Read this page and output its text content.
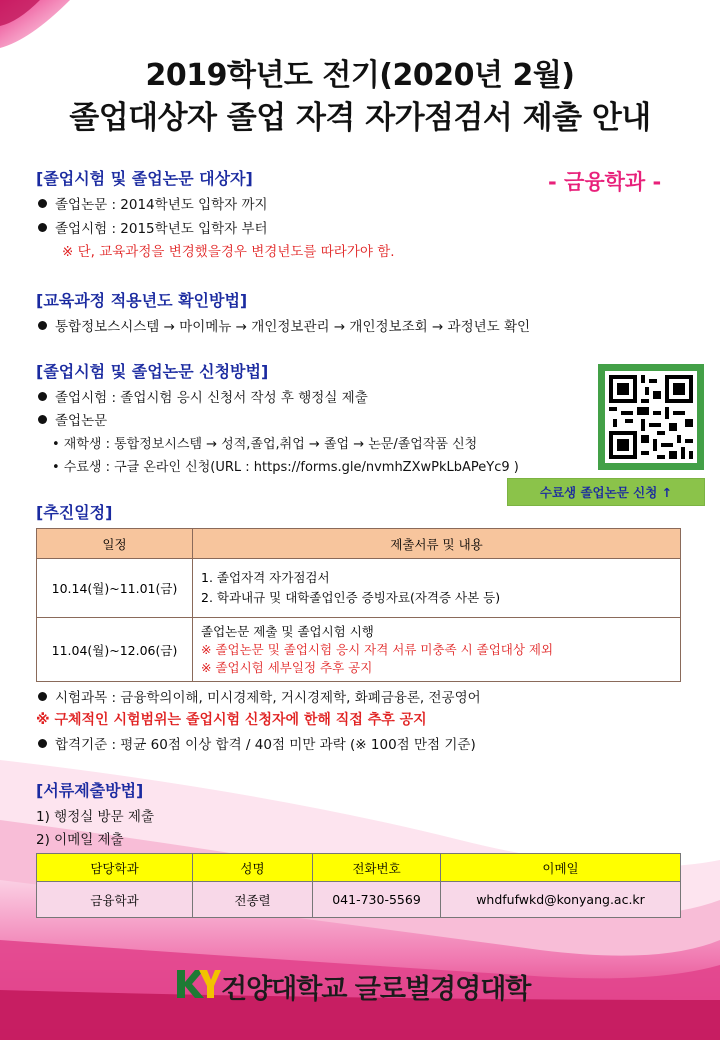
2019학년도 전기(2020년 2월)
졸업대상자 졸업 자격 자가점검서 제출 안내
[졸업시험 및 졸업논문 대상자]	- 금융학과 -
졸업논문 : 2014학년도 입학자 까지
졸업시험 : 2015학년도 입학자 부터
※ 단, 교육과정을 변경했을경우 변경년도를 따라가야 함.
[교육과정 적용년도 확인방법]
통합정보스시스템 → 마이메뉴 → 개인정보관리 → 개인정보조회 → 과정년도 확인
[졸업시험 및 졸업논문 신청방법]
졸업시험 : 졸업시험 응시 신청서 작성 후 행정실 제출
졸업논문
• 재학생 : 통합정보시스템 → 성적,졸업,취업 → 졸업 → 논문/졸업작품 신청
• 수료생 : 구글 온라인 신청(URL : https://forms.gle/nvmhZXwPkLbAPeYc9 )
수료생 졸업논문 신청 ↑
[추진일정]
일정	제출서류 및 내용
10.14(월)~11.01(금)	1. 졸업자격 자가점검서
2. 학과내규 및 대학졸업인증 증빙자료(자격증 사본 등)

11.04(월)~12.06(금)	졸업논문 제출 및 졸업시험 시행
※ 졸업논문 및 졸업시험 응시 자격 서류 미충족 시 졸업대상 제외
※ 졸업시험 세부일정 추후 공지
시험과목 : 금융학의이해, 미시경제학, 거시경제학, 화폐금융론, 전공영어
※ 구체적인 시험범위는 졸업시험 신청자에 한해 직접 추후 공지
합격기준 : 평균 60점 이상 합격 / 40점 미만 과락 (※ 100점 만점 기준)
[서류제출방법]
1) 행정실 방문 제출
2) 이메일 제출
담당학과	성명	전화번호	이메일
금융학과	전종렬	041-730-5569	whdfufwkd@konyang.ac.kr
건양대학교 글로벌경영대학
